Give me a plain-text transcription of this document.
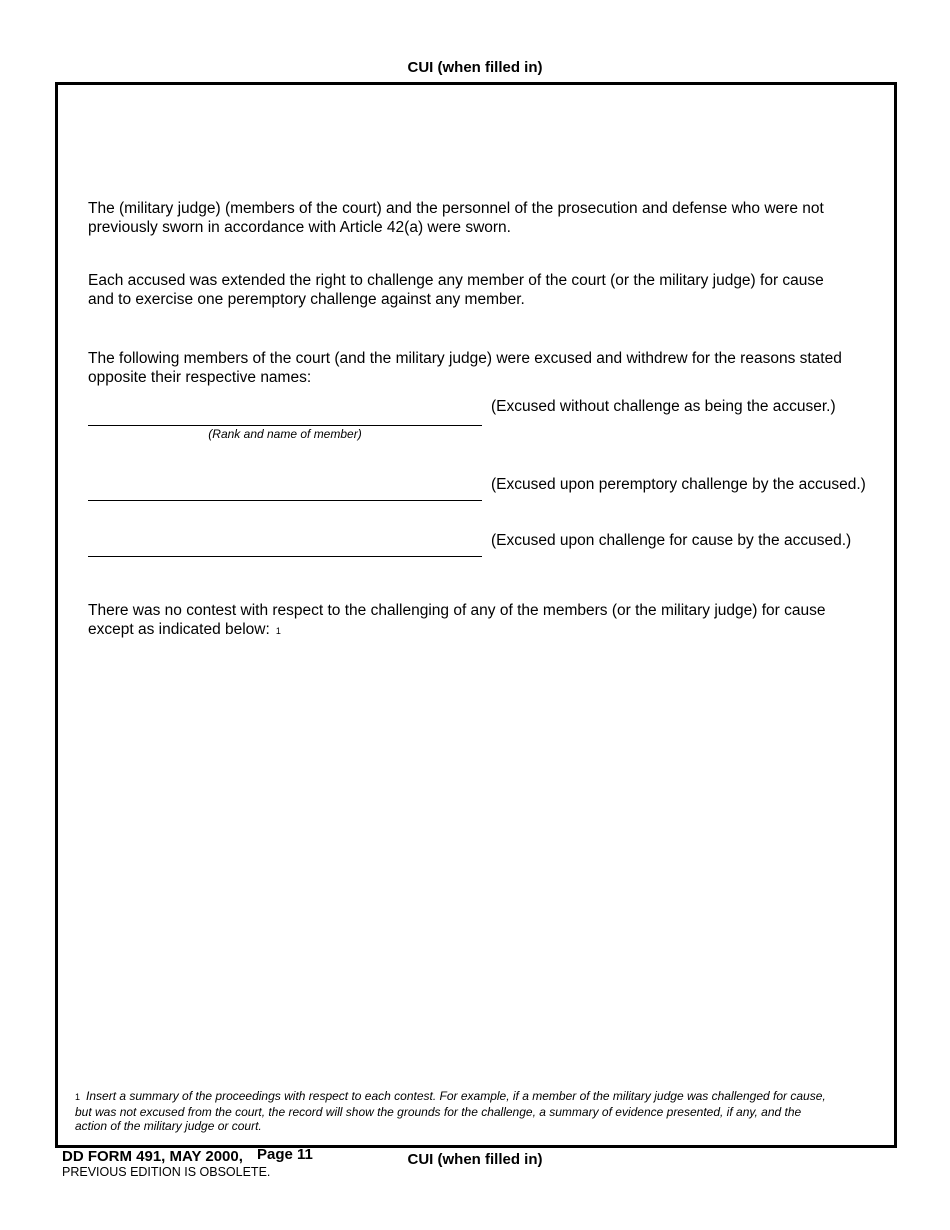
CUI (when filled in)
The (military judge) (members of the court) and the personnel of the prosecution and defense who were not previously sworn in accordance with Article 42(a) were sworn.
Each accused was extended the right to challenge any member of the court (or the military judge) for cause and to exercise one peremptory challenge against any member.
The following members of the court (and the military judge) were excused and withdrew for the reasons stated opposite their respective names:
(Excused without challenge as being the accuser.)
(Rank and name of member)
(Excused upon peremptory challenge by the accused.)
(Excused upon challenge for cause by the accused.)
There was no contest with respect to the challenging of any of the members (or the military judge) for cause except as indicated below: 1
1 Insert a summary of the proceedings with respect to each contest. For example, if a member of the military judge was challenged for cause, but was not excused from the court, the record will show the grounds for the challenge, a summary of evidence presented, if any, and the action of the military judge or court.
DD FORM 491, MAY 2000, Page 11
PREVIOUS EDITION IS OBSOLETE.
CUI (when filled in)
